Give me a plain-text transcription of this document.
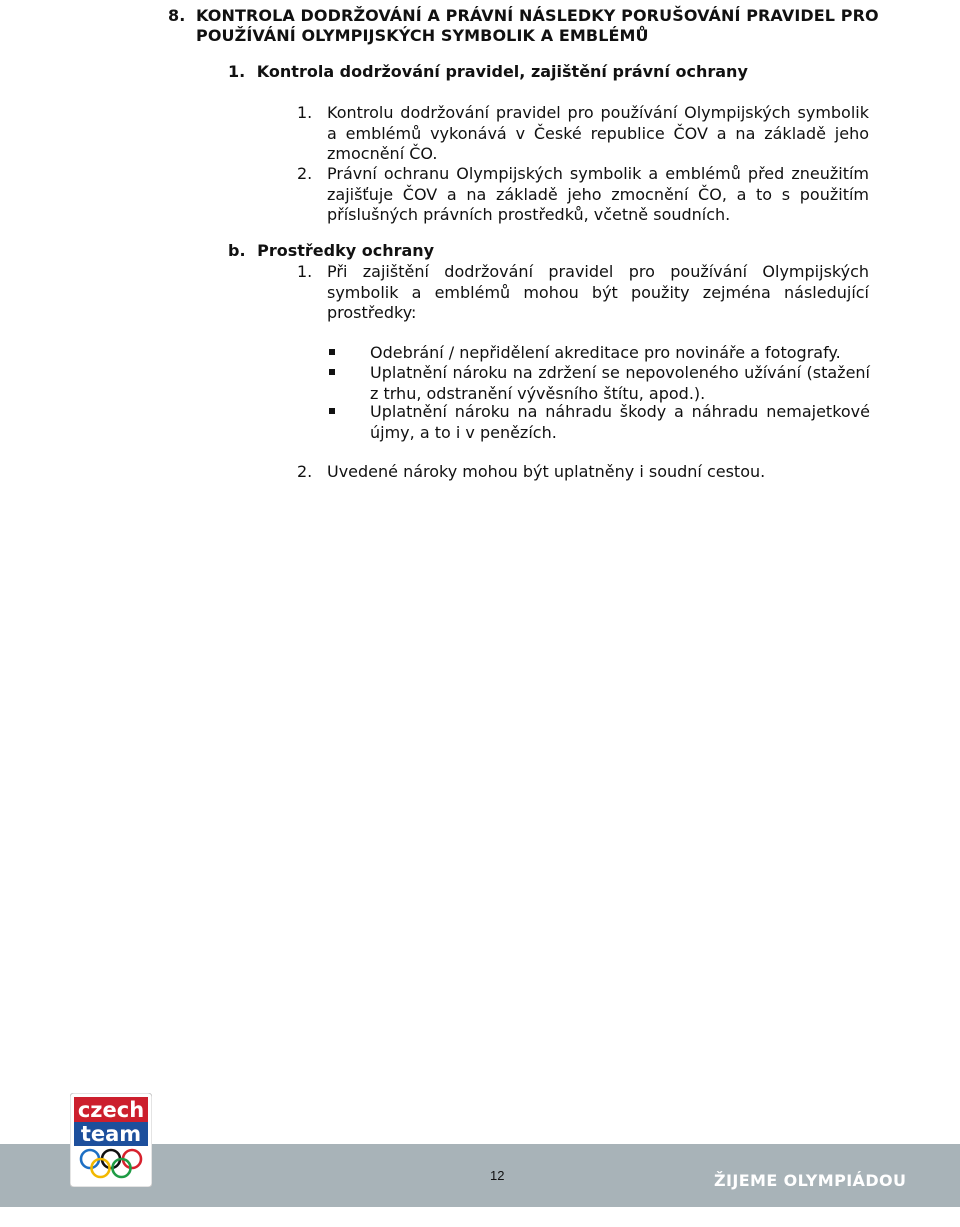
8. KONTROLA DODRŽOVÁNÍ A PRÁVNÍ NÁSLEDKY PORUŠOVÁNÍ PRAVIDEL PRO POUŽÍVÁNÍ OLYMPIJSKÝCH SYMBOLIK A EMBLÉMŮ
1. Kontrola dodržování pravidel, zajištění právní ochrany
1. Kontrolu dodržování pravidel pro používání Olympijských symbolik a emblémů vykonává v České republice ČOV a na základě jeho zmocnění ČO.
2. Právní ochranu Olympijských symbolik a emblémů před zneužitím zajišťuje ČOV a na základě jeho zmocnění ČO, a to s použitím příslušných právních prostředků, včetně soudních.
b. Prostředky ochrany
1. Při zajištění dodržování pravidel pro používání Olympijských symbolik a emblémů mohou být použity zejména následující prostředky:
Odebrání / nepřidělení akreditace pro novináře a fotografy.
Uplatnění nároku na zdržení se nepovoleného užívání (stažení z trhu, odstranění vývěsního štítu, apod.).
Uplatnění nároku na náhradu škody a náhradu nemajetkové újmy, a to i v penězích.
2. Uvedené nároky mohou být uplatněny i soudní cestou.
12	ŽIJEME OLYMPIÁDOU
czech
team
